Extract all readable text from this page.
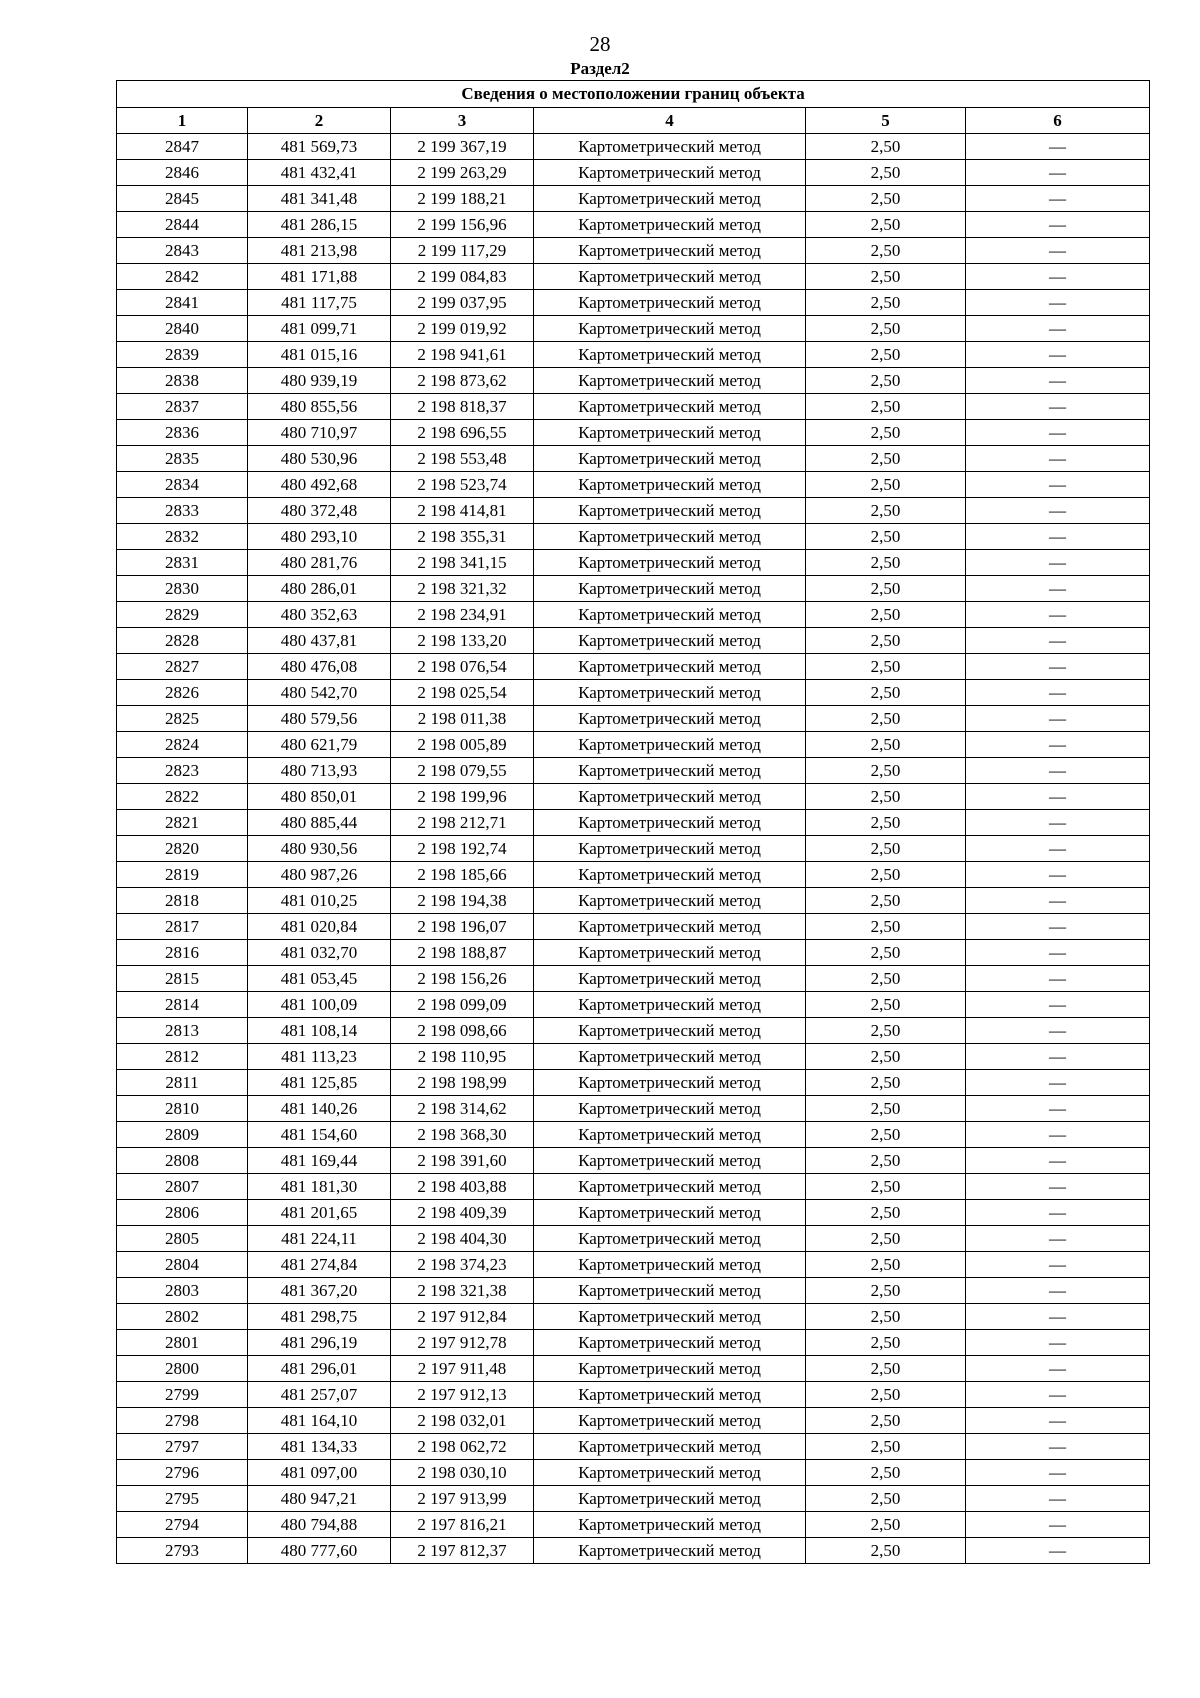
28
Раздел2
Сведения о местоположении границ объекта					
1	2	3	4	5	6
2847	481 569,73	2 199 367,19	Картометрический метод	2,50	—
2846	481 432,41	2 199 263,29	Картометрический метод	2,50	—
2845	481 341,48	2 199 188,21	Картометрический метод	2,50	—
2844	481 286,15	2 199 156,96	Картометрический метод	2,50	—
2843	481 213,98	2 199 117,29	Картометрический метод	2,50	—
2842	481 171,88	2 199 084,83	Картометрический метод	2,50	—
2841	481 117,75	2 199 037,95	Картометрический метод	2,50	—
2840	481 099,71	2 199 019,92	Картометрический метод	2,50	—
2839	481 015,16	2 198 941,61	Картометрический метод	2,50	—
2838	480 939,19	2 198 873,62	Картометрический метод	2,50	—
2837	480 855,56	2 198 818,37	Картометрический метод	2,50	—
2836	480 710,97	2 198 696,55	Картометрический метод	2,50	—
2835	480 530,96	2 198 553,48	Картометрический метод	2,50	—
2834	480 492,68	2 198 523,74	Картометрический метод	2,50	—
2833	480 372,48	2 198 414,81	Картометрический метод	2,50	—
2832	480 293,10	2 198 355,31	Картометрический метод	2,50	—
2831	480 281,76	2 198 341,15	Картометрический метод	2,50	—
2830	480 286,01	2 198 321,32	Картометрический метод	2,50	—
2829	480 352,63	2 198 234,91	Картометрический метод	2,50	—
2828	480 437,81	2 198 133,20	Картометрический метод	2,50	—
2827	480 476,08	2 198 076,54	Картометрический метод	2,50	—
2826	480 542,70	2 198 025,54	Картометрический метод	2,50	—
2825	480 579,56	2 198 011,38	Картометрический метод	2,50	—
2824	480 621,79	2 198 005,89	Картометрический метод	2,50	—
2823	480 713,93	2 198 079,55	Картометрический метод	2,50	—
2822	480 850,01	2 198 199,96	Картометрический метод	2,50	—
2821	480 885,44	2 198 212,71	Картометрический метод	2,50	—
2820	480 930,56	2 198 192,74	Картометрический метод	2,50	—
2819	480 987,26	2 198 185,66	Картометрический метод	2,50	—
2818	481 010,25	2 198 194,38	Картометрический метод	2,50	—
2817	481 020,84	2 198 196,07	Картометрический метод	2,50	—
2816	481 032,70	2 198 188,87	Картометрический метод	2,50	—
2815	481 053,45	2 198 156,26	Картометрический метод	2,50	—
2814	481 100,09	2 198 099,09	Картометрический метод	2,50	—
2813	481 108,14	2 198 098,66	Картометрический метод	2,50	—
2812	481 113,23	2 198 110,95	Картометрический метод	2,50	—
2811	481 125,85	2 198 198,99	Картометрический метод	2,50	—
2810	481 140,26	2 198 314,62	Картометрический метод	2,50	—
2809	481 154,60	2 198 368,30	Картометрический метод	2,50	—
2808	481 169,44	2 198 391,60	Картометрический метод	2,50	—
2807	481 181,30	2 198 403,88	Картометрический метод	2,50	—
2806	481 201,65	2 198 409,39	Картометрический метод	2,50	—
2805	481 224,11	2 198 404,30	Картометрический метод	2,50	—
2804	481 274,84	2 198 374,23	Картометрический метод	2,50	—
2803	481 367,20	2 198 321,38	Картометрический метод	2,50	—
2802	481 298,75	2 197 912,84	Картометрический метод	2,50	—
2801	481 296,19	2 197 912,78	Картометрический метод	2,50	—
2800	481 296,01	2 197 911,48	Картометрический метод	2,50	—
2799	481 257,07	2 197 912,13	Картометрический метод	2,50	—
2798	481 164,10	2 198 032,01	Картометрический метод	2,50	—
2797	481 134,33	2 198 062,72	Картометрический метод	2,50	—
2796	481 097,00	2 198 030,10	Картометрический метод	2,50	—
2795	480 947,21	2 197 913,99	Картометрический метод	2,50	—
2794	480 794,88	2 197 816,21	Картометрический метод	2,50	—
2793	480 777,60	2 197 812,37	Картометрический метод	2,50	—
